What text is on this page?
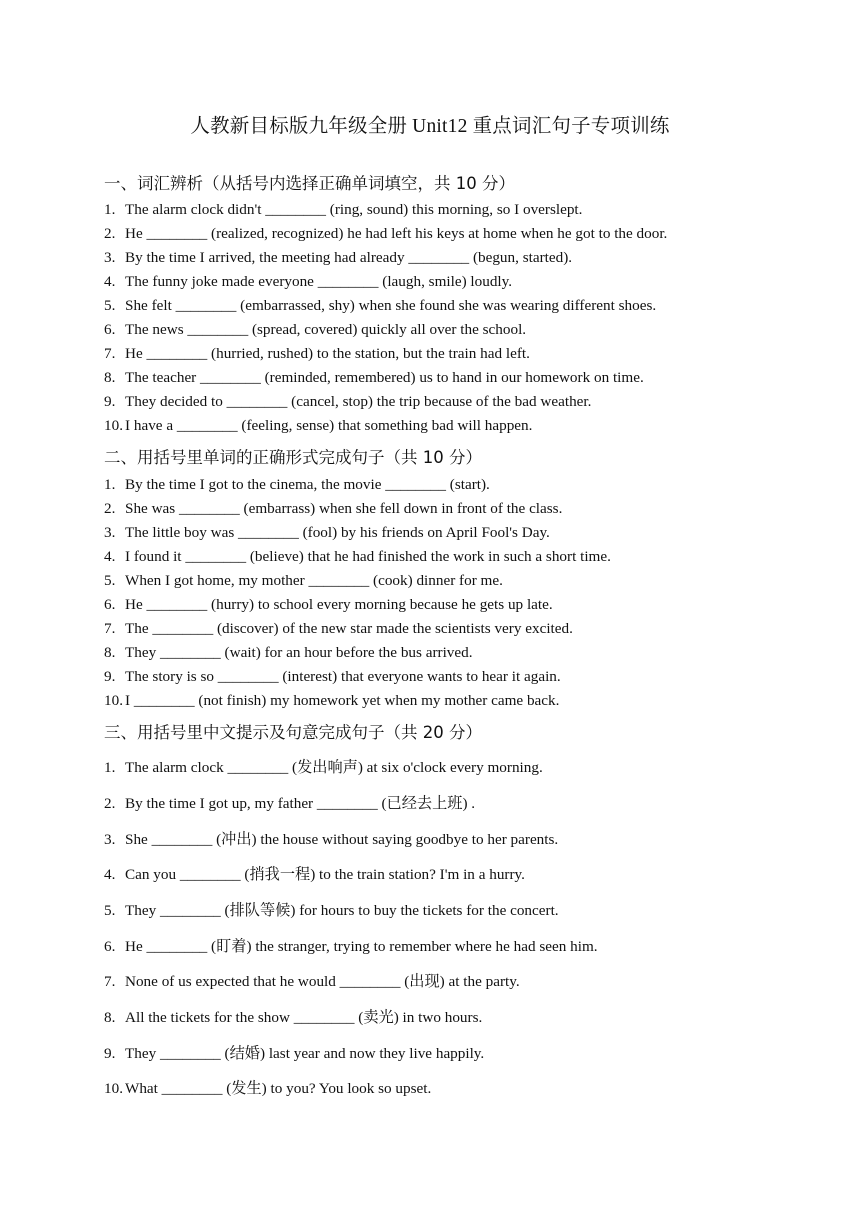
人教新目标版九年级全册 Unit12 重点词汇句子专项训练
一、词汇辨析（从括号内选择正确单词填空，共 10 分）
1. The alarm clock didn't ________ (ring, sound) this morning, so I overslept.
2. He ________ (realized, recognized) he had left his keys at home when he got to the door.
3. By the time I arrived, the meeting had already ________ (begun, started).
4. The funny joke made everyone ________ (laugh, smile) loudly.
5. She felt ________ (embarrassed, shy) when she found she was wearing different shoes.
6. The news ________ (spread, covered) quickly all over the school.
7. He ________ (hurried, rushed) to the station, but the train had left.
8. The teacher ________ (reminded, remembered) us to hand in our homework on time.
9. They decided to ________ (cancel, stop) the trip because of the bad weather.
10. I have a ________ (feeling, sense) that something bad will happen.
二、用括号里单词的正确形式完成句子（共 10 分）
1. By the time I got to the cinema, the movie ________ (start).
2. She was ________ (embarrass) when she fell down in front of the class.
3. The little boy was ________ (fool) by his friends on April Fool's Day.
4. I found it ________ (believe) that he had finished the work in such a short time.
5. When I got home, my mother ________ (cook) dinner for me.
6. He ________ (hurry) to school every morning because he gets up late.
7. The ________ (discover) of the new star made the scientists very excited.
8. They ________ (wait) for an hour before the bus arrived.
9. The story is so ________ (interest) that everyone wants to hear it again.
10. I ________ (not finish) my homework yet when my mother came back.
三、用括号里中文提示及句意完成句子（共 20 分）
1. The alarm clock ________ (发出响声) at six o'clock every morning.
2. By the time I got up, my father ________ (已经去上班) .
3. She ________ (冲出) the house without saying goodbye to her parents.
4. Can you ________ (捎我一程) to the train station? I'm in a hurry.
5. They ________ (排队等候) for hours to buy the tickets for the concert.
6. He ________ (盯着) the stranger, trying to remember where he had seen him.
7. None of us expected that he would ________ (出现) at the party.
8. All the tickets for the show ________ (卖光) in two hours.
9. They ________ (结婚) last year and now they live happily.
10. What ________ (发生) to you? You look so upset.
